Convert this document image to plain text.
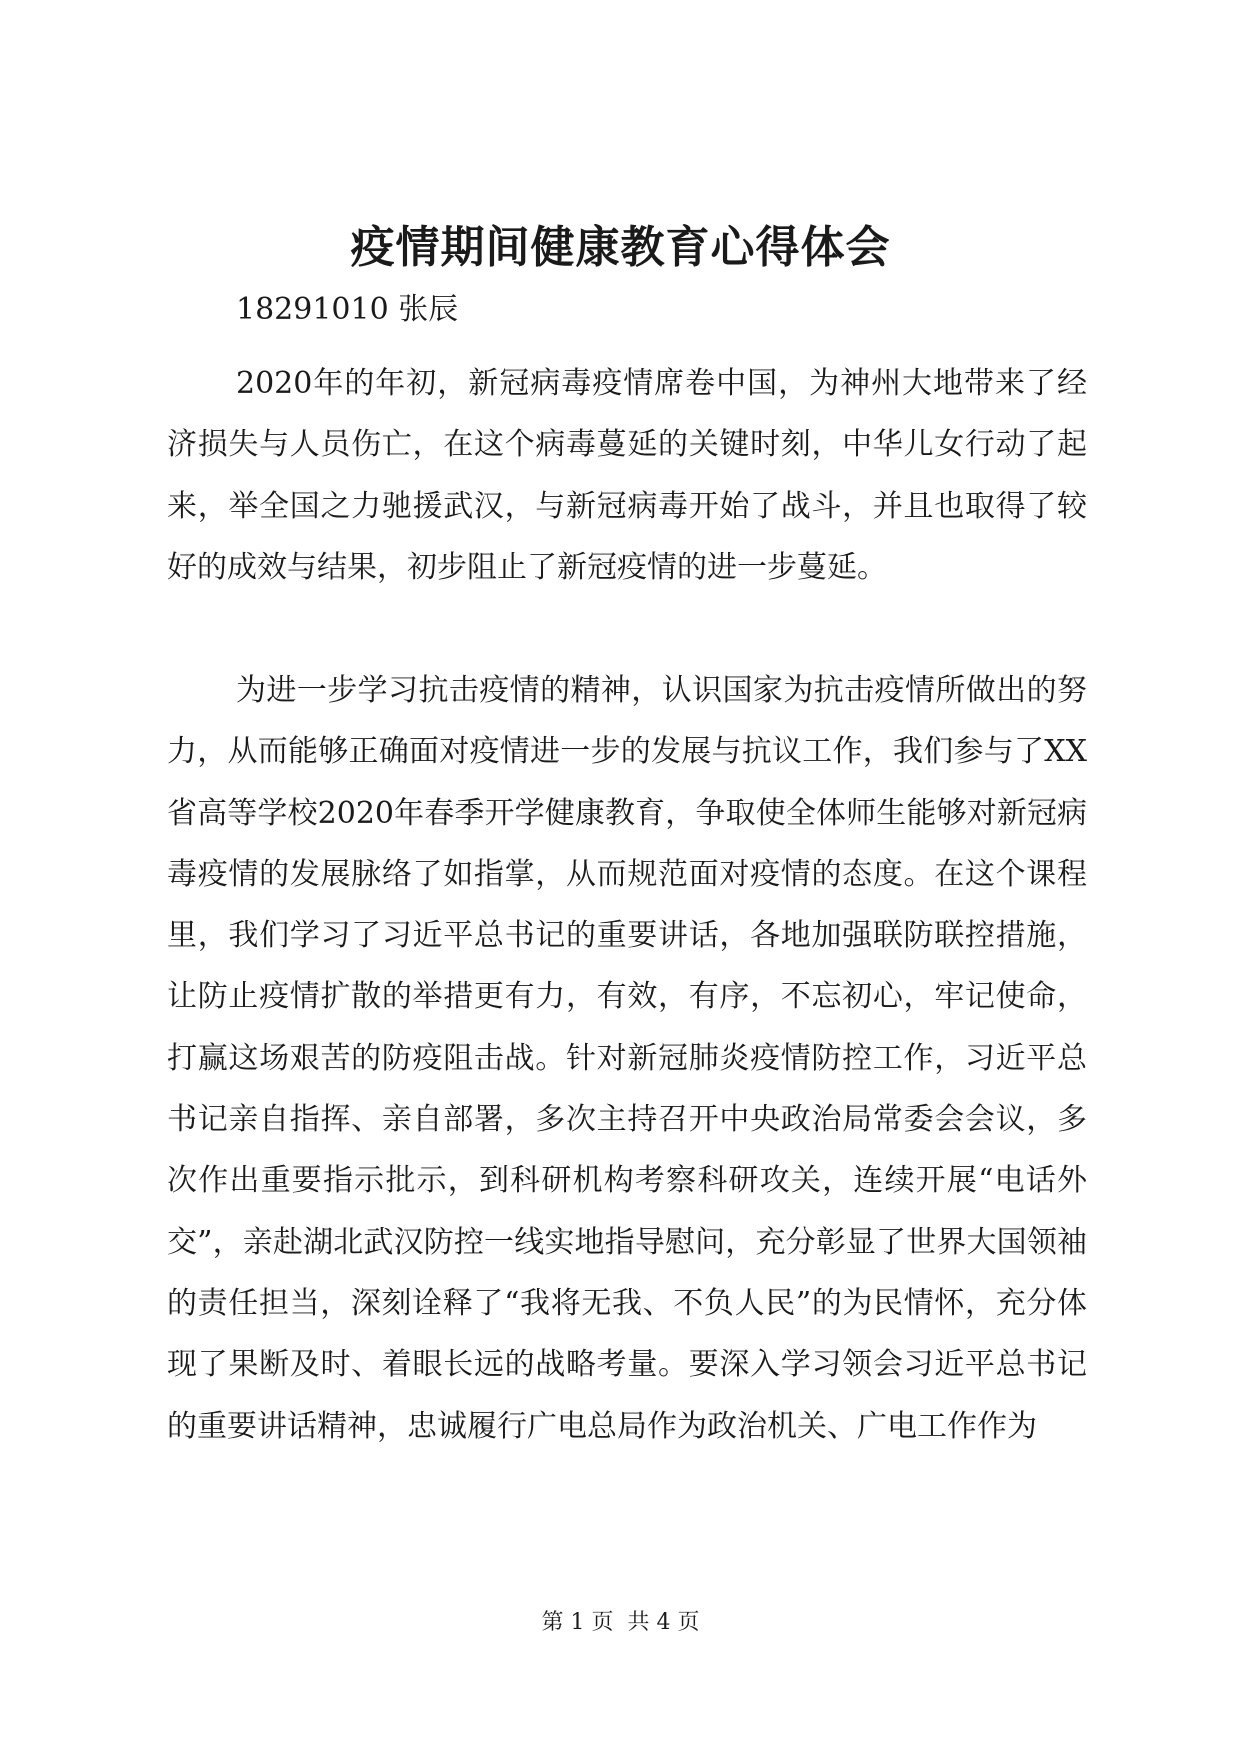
疫情期间健康教育心得体会
18291010 张辰

2020年的年初，新冠病毒疫情席卷中国，为神州大地带来了经济损失与人员伤亡，在这个病毒蔓延的关键时刻，中华儿女行动了起来，举全国之力驰援武汉，与新冠病毒开始了战斗，并且也取得了较好的成效与结果，初步阻止了新冠疫情的进一步蔓延。

为进一步学习抗击疫情的精神，认识国家为抗击疫情所做出的努力，从而能够正确面对疫情进一步的发展与抗议工作，我们参与了XX省高等学校2020年春季开学健康教育，争取使全体师生能够对新冠病毒疫情的发展脉络了如指掌，从而规范面对疫情的态度。在这个课程里，我们学习了习近平总书记的重要讲话，各地加强联防联控措施，让防止疫情扩散的举措更有力，有效，有序，不忘初心，牢记使命，打赢这场艰苦的防疫阻击战。针对新冠肺炎疫情防控工作，习近平总书记亲自指挥、亲自部署，多次主持召开中央政治局常委会会议，多次作出重要指示批示，到科研机构考察科研攻关，连续开展“电话外交”，亲赴湖北武汉防控一线实地指导慰问，充分彰显了世界大国领袖的责任担当，深刻诠释了“我将无我、不负人民”的为民情怀，充分体现了果断及时、着眼长远的战略考量。要深入学习领会习近平总书记的重要讲话精神，忠诚履行广电总局作为政治机关、广电工作作为

第 1 页  共 4 页
